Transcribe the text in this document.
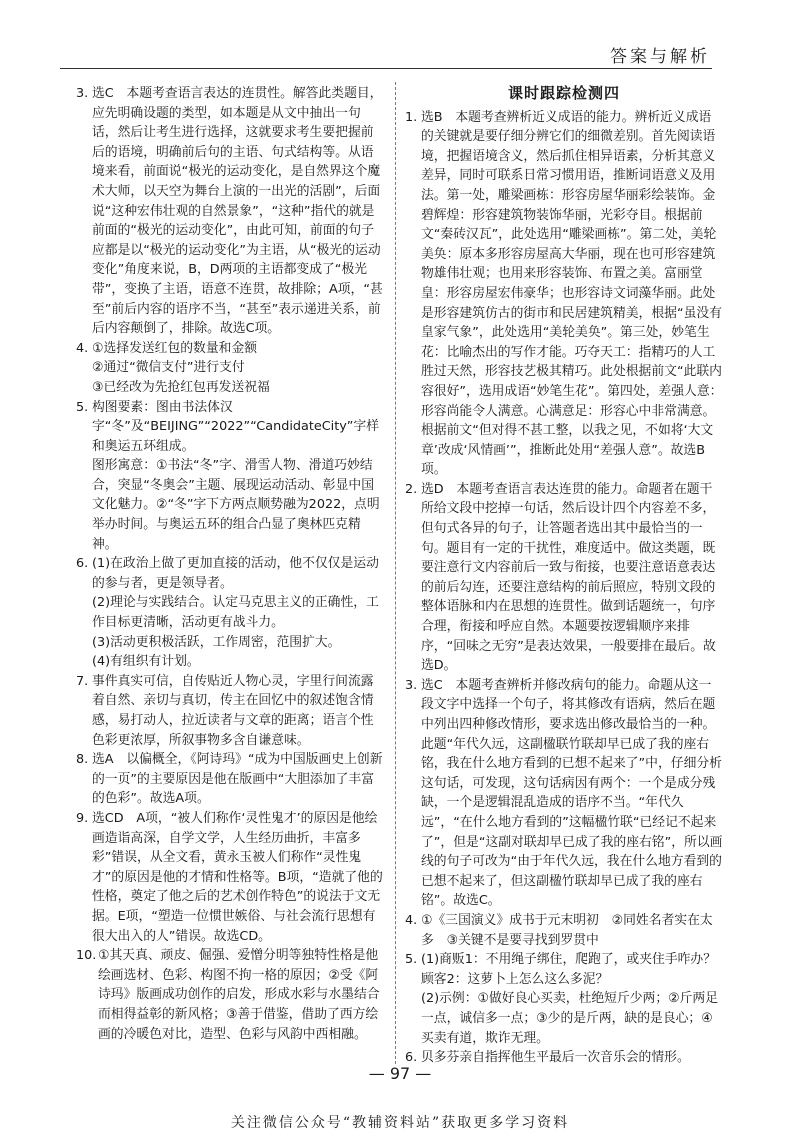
答案与解析
3. 选C　本题考查语言表达的连贯性。解答此类题目，应先明确设题的类型，如本题是从文中抽出一句话，然后让考生进行选择，这就要求考生要把握前后的语境，明确前后句的主语、句式结构等。从语境来看，前面说“极光的运动变化，是自然界这个魔术大师，以天空为舞台上演的一出光的活剧”，后面说“这种宏伟壮观的自然景象”，“这种”指代的就是前面的“极光的运动变化”，由此可知，前面的句子应都是以“极光的运动变化”为主语，从“极光的运动变化”角度来说，B，D两项的主语都变成了“极光带”，变换了主语，语意不连贯，故排除；A项，“甚至”前后内容的语序不当，“甚至”表示递进关系，前后内容颠倒了，排除。故选C项。
4. ①选择发送红包的数量和金额

②通过“微信支付”进行支付

③已经改为先抢红包再发送祝福

5. 构图要素：图由书法体汉字“冬”及“BEIJING”“2022”“CandidateCity”字样和奥运五环组成。

图形寓意：①书法“冬”字、滑雪人物、滑道巧妙结合，突显“冬奥会”主题、展现运动活动、彰显中国文化魅力。②“冬”字下方两点顺势融为2022，点明举办时间。与奥运五环的组合凸显了奥林匹克精神。

6. (1)在政治上做了更加直接的活动，他不仅仅是运动的参与者，更是领导者。

(2)理论与实践结合。认定马克思主义的正确性，工作目标更清晰，活动更有战斗力。

(3)活动更积极活跃，工作周密，范围扩大。

(4)有组织有计划。

7. 事件真实可信，自传贴近人物心灵，字里行间流露着自然、亲切与真切，传主在回忆中的叙述饱含情感，易打动人，拉近读者与文章的距离；语言个性色彩更浓厚，所叙事物多含自谦意味。
8. 选A　以偏概全，《阿诗玛》“成为中国版画史上创新的一页”的主要原因是他在版画中“大胆添加了丰富的色彩”。故选A项。
9. 选CD　A项，“被人们称作‘灵性鬼才’的原因是他绘画造诣高深，自学文学，人生经历曲折，丰富多彩”错误，从全文看，黄永玉被人们称作“灵性鬼才”的原因是他的才情和性格等。B项，“造就了他的性格，奠定了他之后的艺术创作特色”的说法于文无据。E项，“塑造一位惯世嫉俗、与社会流行思想有很大出入的人”错误。故选CD。
10. ①其天真、顽皮、倔强、爱憎分明等独特性格是他绘画选材、色彩、构图不拘一格的原因；②受《阿诗玛》版画成功创作的启发，形成水彩与水墨结合而相得益彰的新风格；③善于借鉴，借助了西方绘画的冷暖色对比，造型、色彩与风韵中西相融。

课时跟踪检测四

1. 选B　本题考查辨析近义成语的能力。辨析近义成语的关键就是要仔细分辨它们的细微差别。首先阅读语境，把握语境含义，然后抓住相异语素，分析其意义差异，同时可联系日常习惯用语，推断词语意义及用法。第一处，雕梁画栋：形容房屋华丽彩绘装饰。金碧辉煌：形容建筑物装饰华丽，光彩夺目。根据前文“秦砖汉瓦”，此处选用“雕梁画栋”。第二处，美轮美奂：原本多形容房屋高大华丽，现在也可形容建筑物雄伟壮观；也用来形容装饰、布置之美。富丽堂皇：形容房屋宏伟豪华；也形容诗文词藻华丽。此处是形容建筑仿古的街市和民居建筑精美，根据“虽没有皇家气象”，此处选用“美轮美奂”。第三处，妙笔生花：比喻杰出的写作才能。巧夺天工：指精巧的人工胜过天然，形容技艺极其精巧。此处根据前文“此联内容很好”，选用成语“妙笔生花”。第四处，差强人意：形容尚能令人满意。心满意足：形容心中非常满意。根据前文“但对得不甚工整，以我之见，不如将‘大文章’改成‘风情画’”，推断此处用“差强人意”。故选B项。
2. 选D　本题考查语言表达连贯的能力。命题者在题干所给文段中挖掉一句话，然后设计四个内容差不多，但句式各异的句子，让答题者选出其中最恰当的一句。题目有一定的干扰性，难度适中。做这类题，既要注意行文内容前后一致与衔接，也要注意语意表达的前后勾连，还要注意结构的前后照应，特别文段的整体语脉和内在思想的连贯性。做到话题统一，句序合理，衔接和呼应自然。本题要按逻辑顺序来排序，“回味之无穷”是表达效果，一般要排在最后。故选D。
3. 选C　本题考查辨析并修改病句的能力。命题从这一段文字中选择一个句子，将其修改有语病，然后在题中列出四种修改情形，要求选出修改最恰当的一种。此题“年代久远，这副楹联竹联却早已成了我的座右铭，我在什么地方看到的已想不起来了”中，仔细分析这句话，可发现，这句话病因有两个：一个是成分残缺，一个是逻辑混乱造成的语序不当。“年代久远”，“在什么地方看到的”这幅楹竹联“已经记不起来了”，但是“这副对联却早已成了我的座右铭”，所以画线的句子可改为“由于年代久远，我在什么地方看到的已想不起来了，但这副楹竹联却早已成了我的座右铭”。故选C。
4. ①《三国演义》成书于元末明初　②同姓名者实在太多　③关键不是要寻找到罗贯中
5. (1)商贩1：不用绳子绑住，爬跑了，或夹住手咋办？

顾客2：这萝卜上怎么这么多泥？

(2)示例：①做好良心买卖，杜绝短斤少两；②斤两足一点，诚信多一点；③少的是斤两，缺的是良心；④买卖有道，欺诈无理。

6. 贝多芬亲自指挥他生平最后一次音乐会的情形。
— 97 —
关注微信公众号“教辅资料站”获取更多学习资料
